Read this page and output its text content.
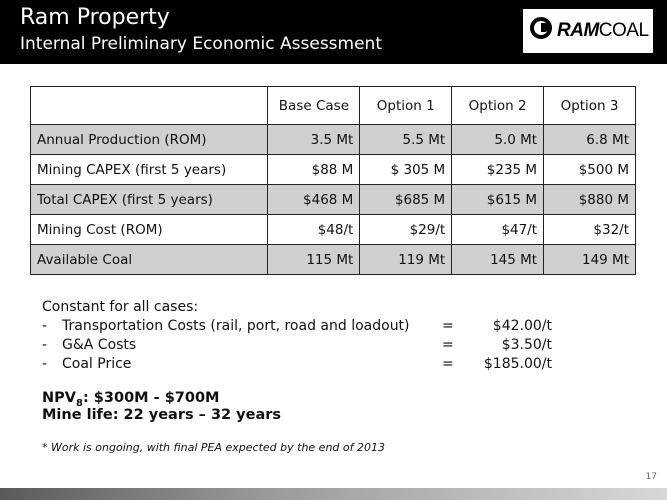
Ram Property
Internal Preliminary Economic Assessment
RAMCOAL
	Base Case	Option 1	Option 2	Option 3
Annual Production (ROM)	3.5 Mt	5.5 Mt	5.0 Mt	6.8 Mt
Mining CAPEX (first 5 years)	$88 M	$ 305 M	$235 M	$500 M
Total CAPEX (first 5 years)	$468 M	$685 M	$615 M	$880 M
Mining Cost (ROM)	$48/t	$29/t	$47/t	$32/t
Available Coal	115 Mt	119 Mt	145 Mt	149 Mt
Constant for all cases:
- Transportation Costs (rail, port, road and loadout) =	$42.00/t
- G&A Costs	=	$3.50/t
- Coal Price	=	$185.00/t
$NPV_8$: $300M - $700M
Mine life: 22 years – 32 years
* Work is ongoing, with final PEA expected by the end of 2013
17
